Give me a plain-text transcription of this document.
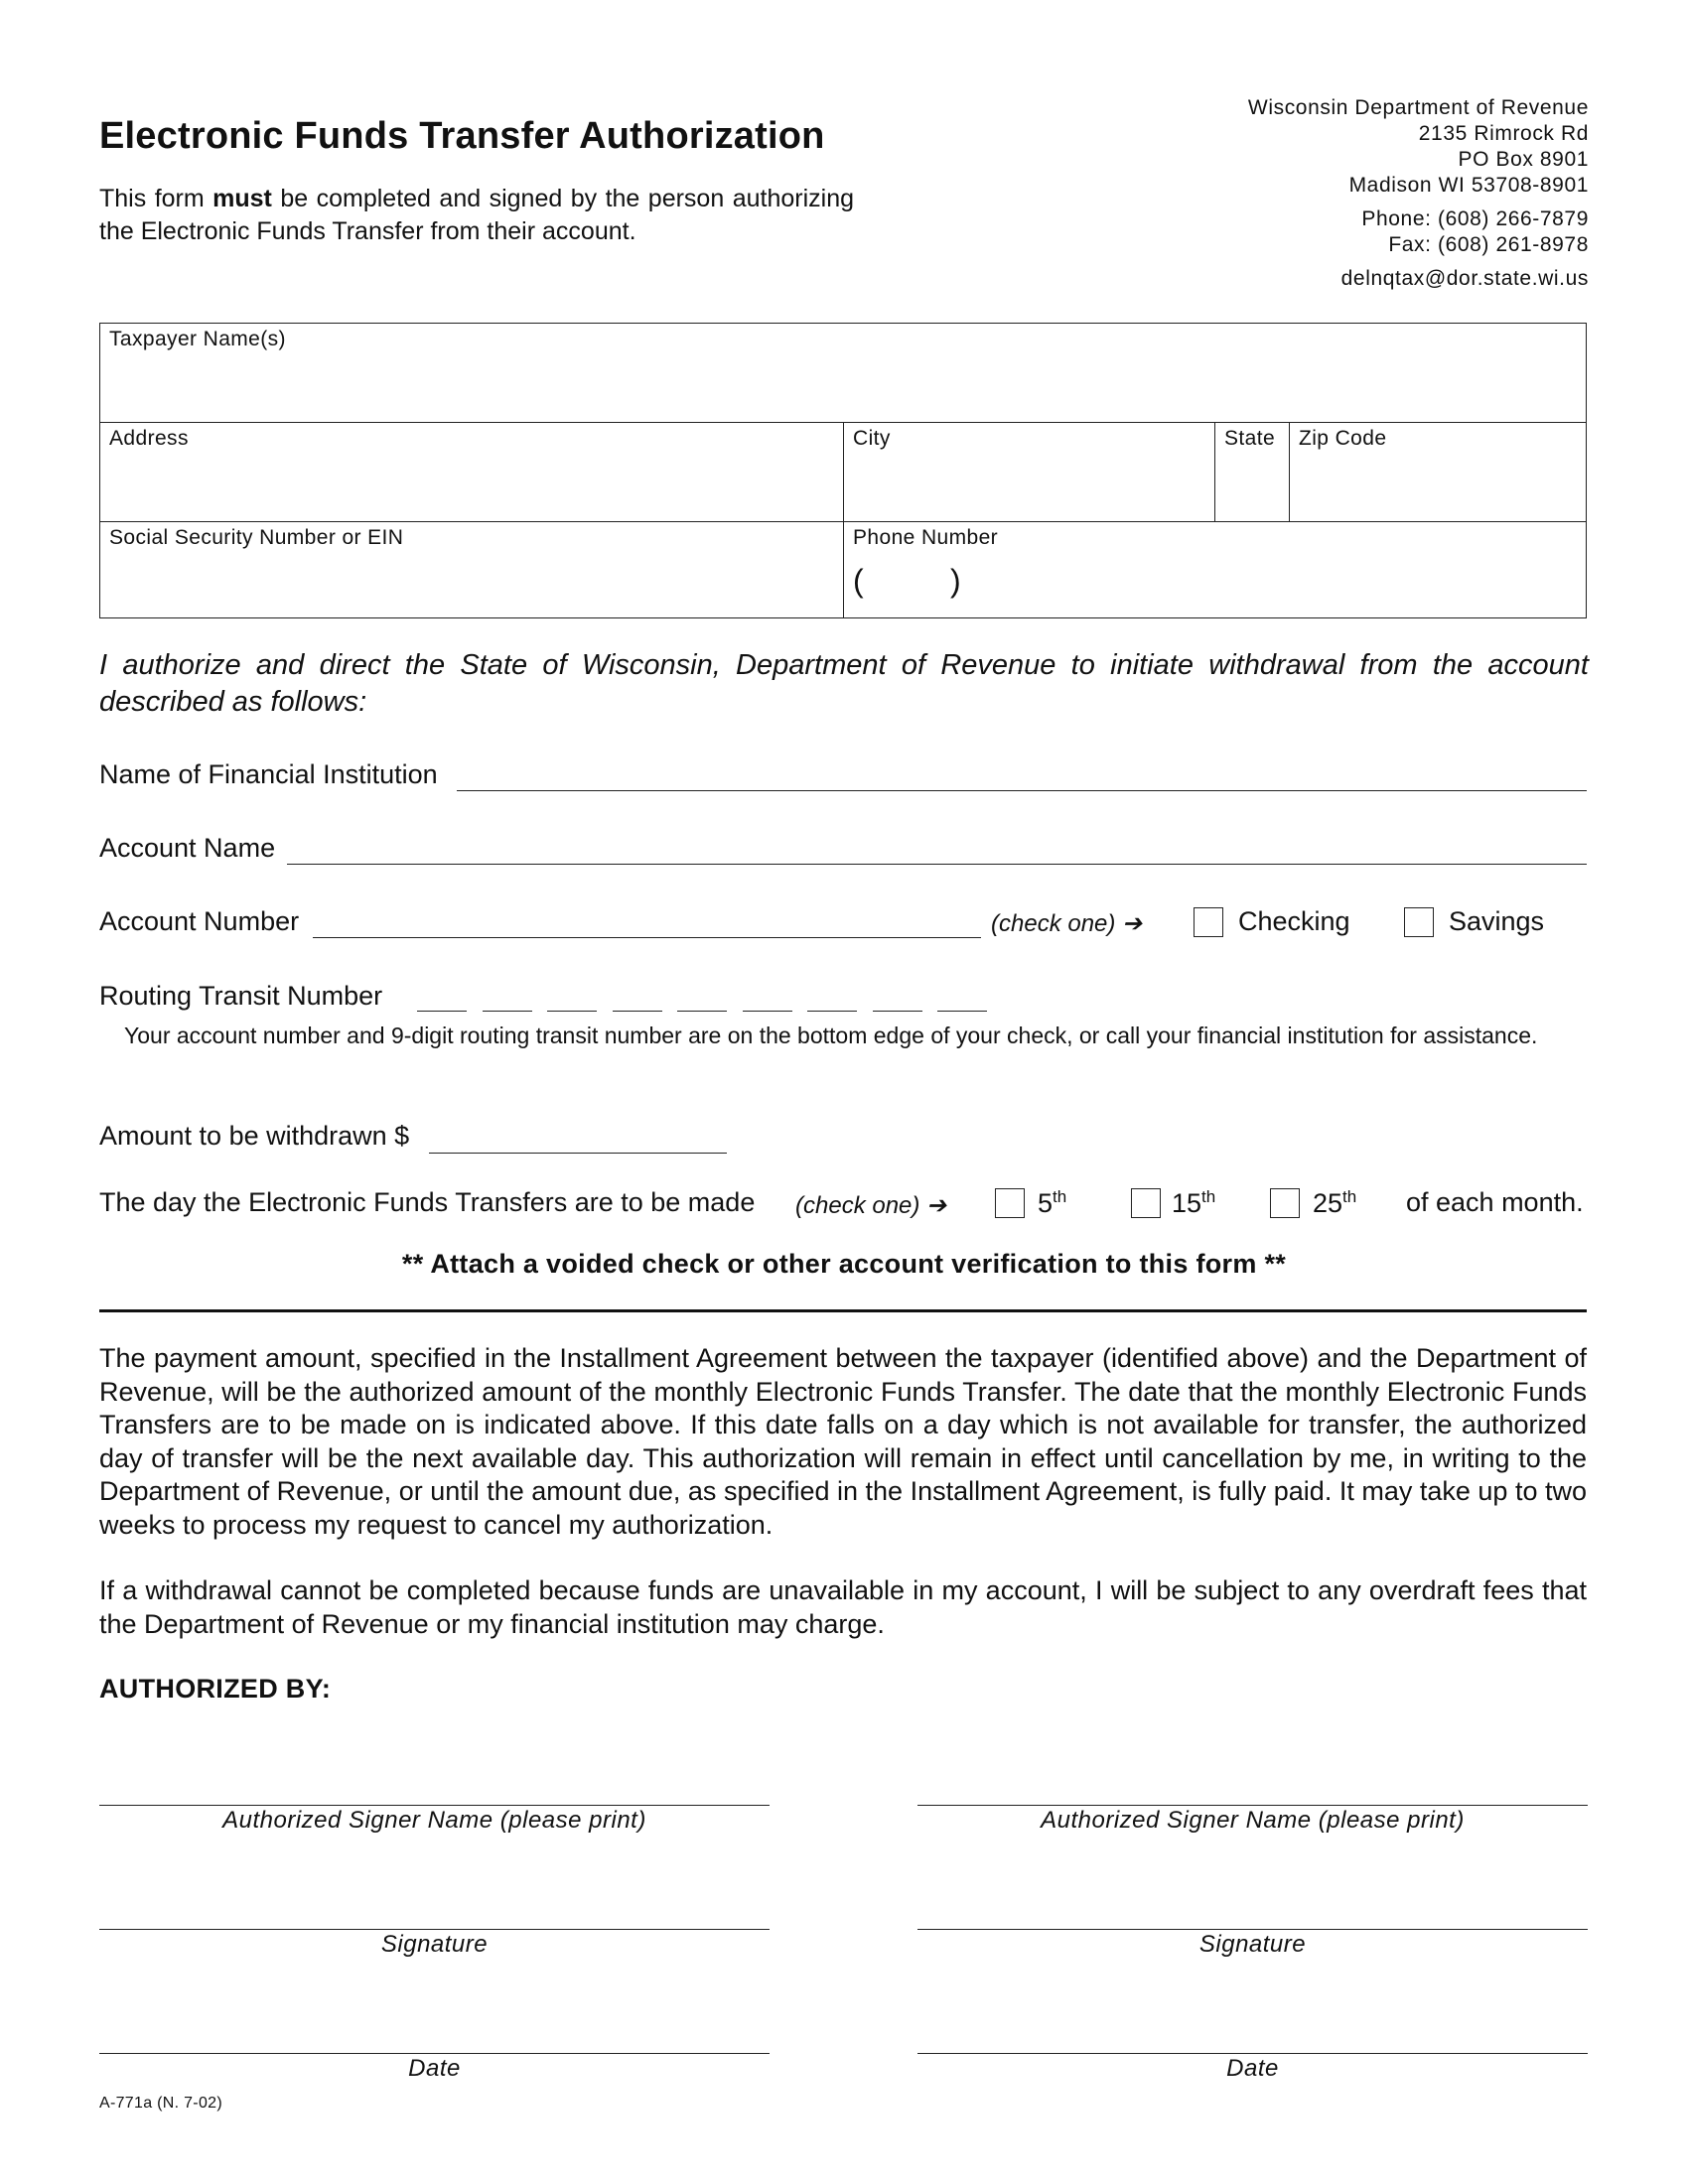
Electronic Funds Transfer Authorization
This form must be completed and signed by the person authorizing the Electronic Funds Transfer from their account.
Wisconsin Department of Revenue
2135 Rimrock Rd
PO Box 8901
Madison WI 53708-8901
Phone: (608) 266-7879
Fax: (608) 261-8978
delnqtax@dor.state.wi.us
Taxpayer Name(s)
Address	City	State	Zip Code
Social Security Number or EIN	Phone Number
(	)
I authorize and direct the State of Wisconsin, Department of Revenue to initiate withdrawal from the account described as follows:
Name of Financial Institution
Account Name
Account Number	(check one) ➔	Checking	Savings
Routing Transit Number
Your account number and 9-digit routing transit number are on the bottom edge of your check, or call your financial institution for assistance.
Amount to be withdrawn $
The day the Electronic Funds Transfers are to be made (check one) ➔	5th	15th	25th of each month.
** Attach a voided check or other account verification to this form **
The payment amount, specified in the Installment Agreement between the taxpayer (identified above) and the Department of Revenue, will be the authorized amount of the monthly Electronic Funds Transfer. The date that the monthly Electronic Funds Transfers are to be made on is indicated above. If this date falls on a day which is not available for transfer, the authorized day of transfer will be the next available day. This authorization will remain in effect until cancellation by me, in writing to the Department of Revenue, or until the amount due, as specified in the Installment Agreement, is fully paid. It may take up to two weeks to process my request to cancel my authorization.
If a withdrawal cannot be completed because funds are unavailable in my account, I will be subject to any overdraft fees that the Department of Revenue or my financial institution may charge.
AUTHORIZED BY:
Authorized Signer Name (please print)
Signature
Date
Authorized Signer Name (please print)
Signature
Date
A-771a (N. 7-02)
